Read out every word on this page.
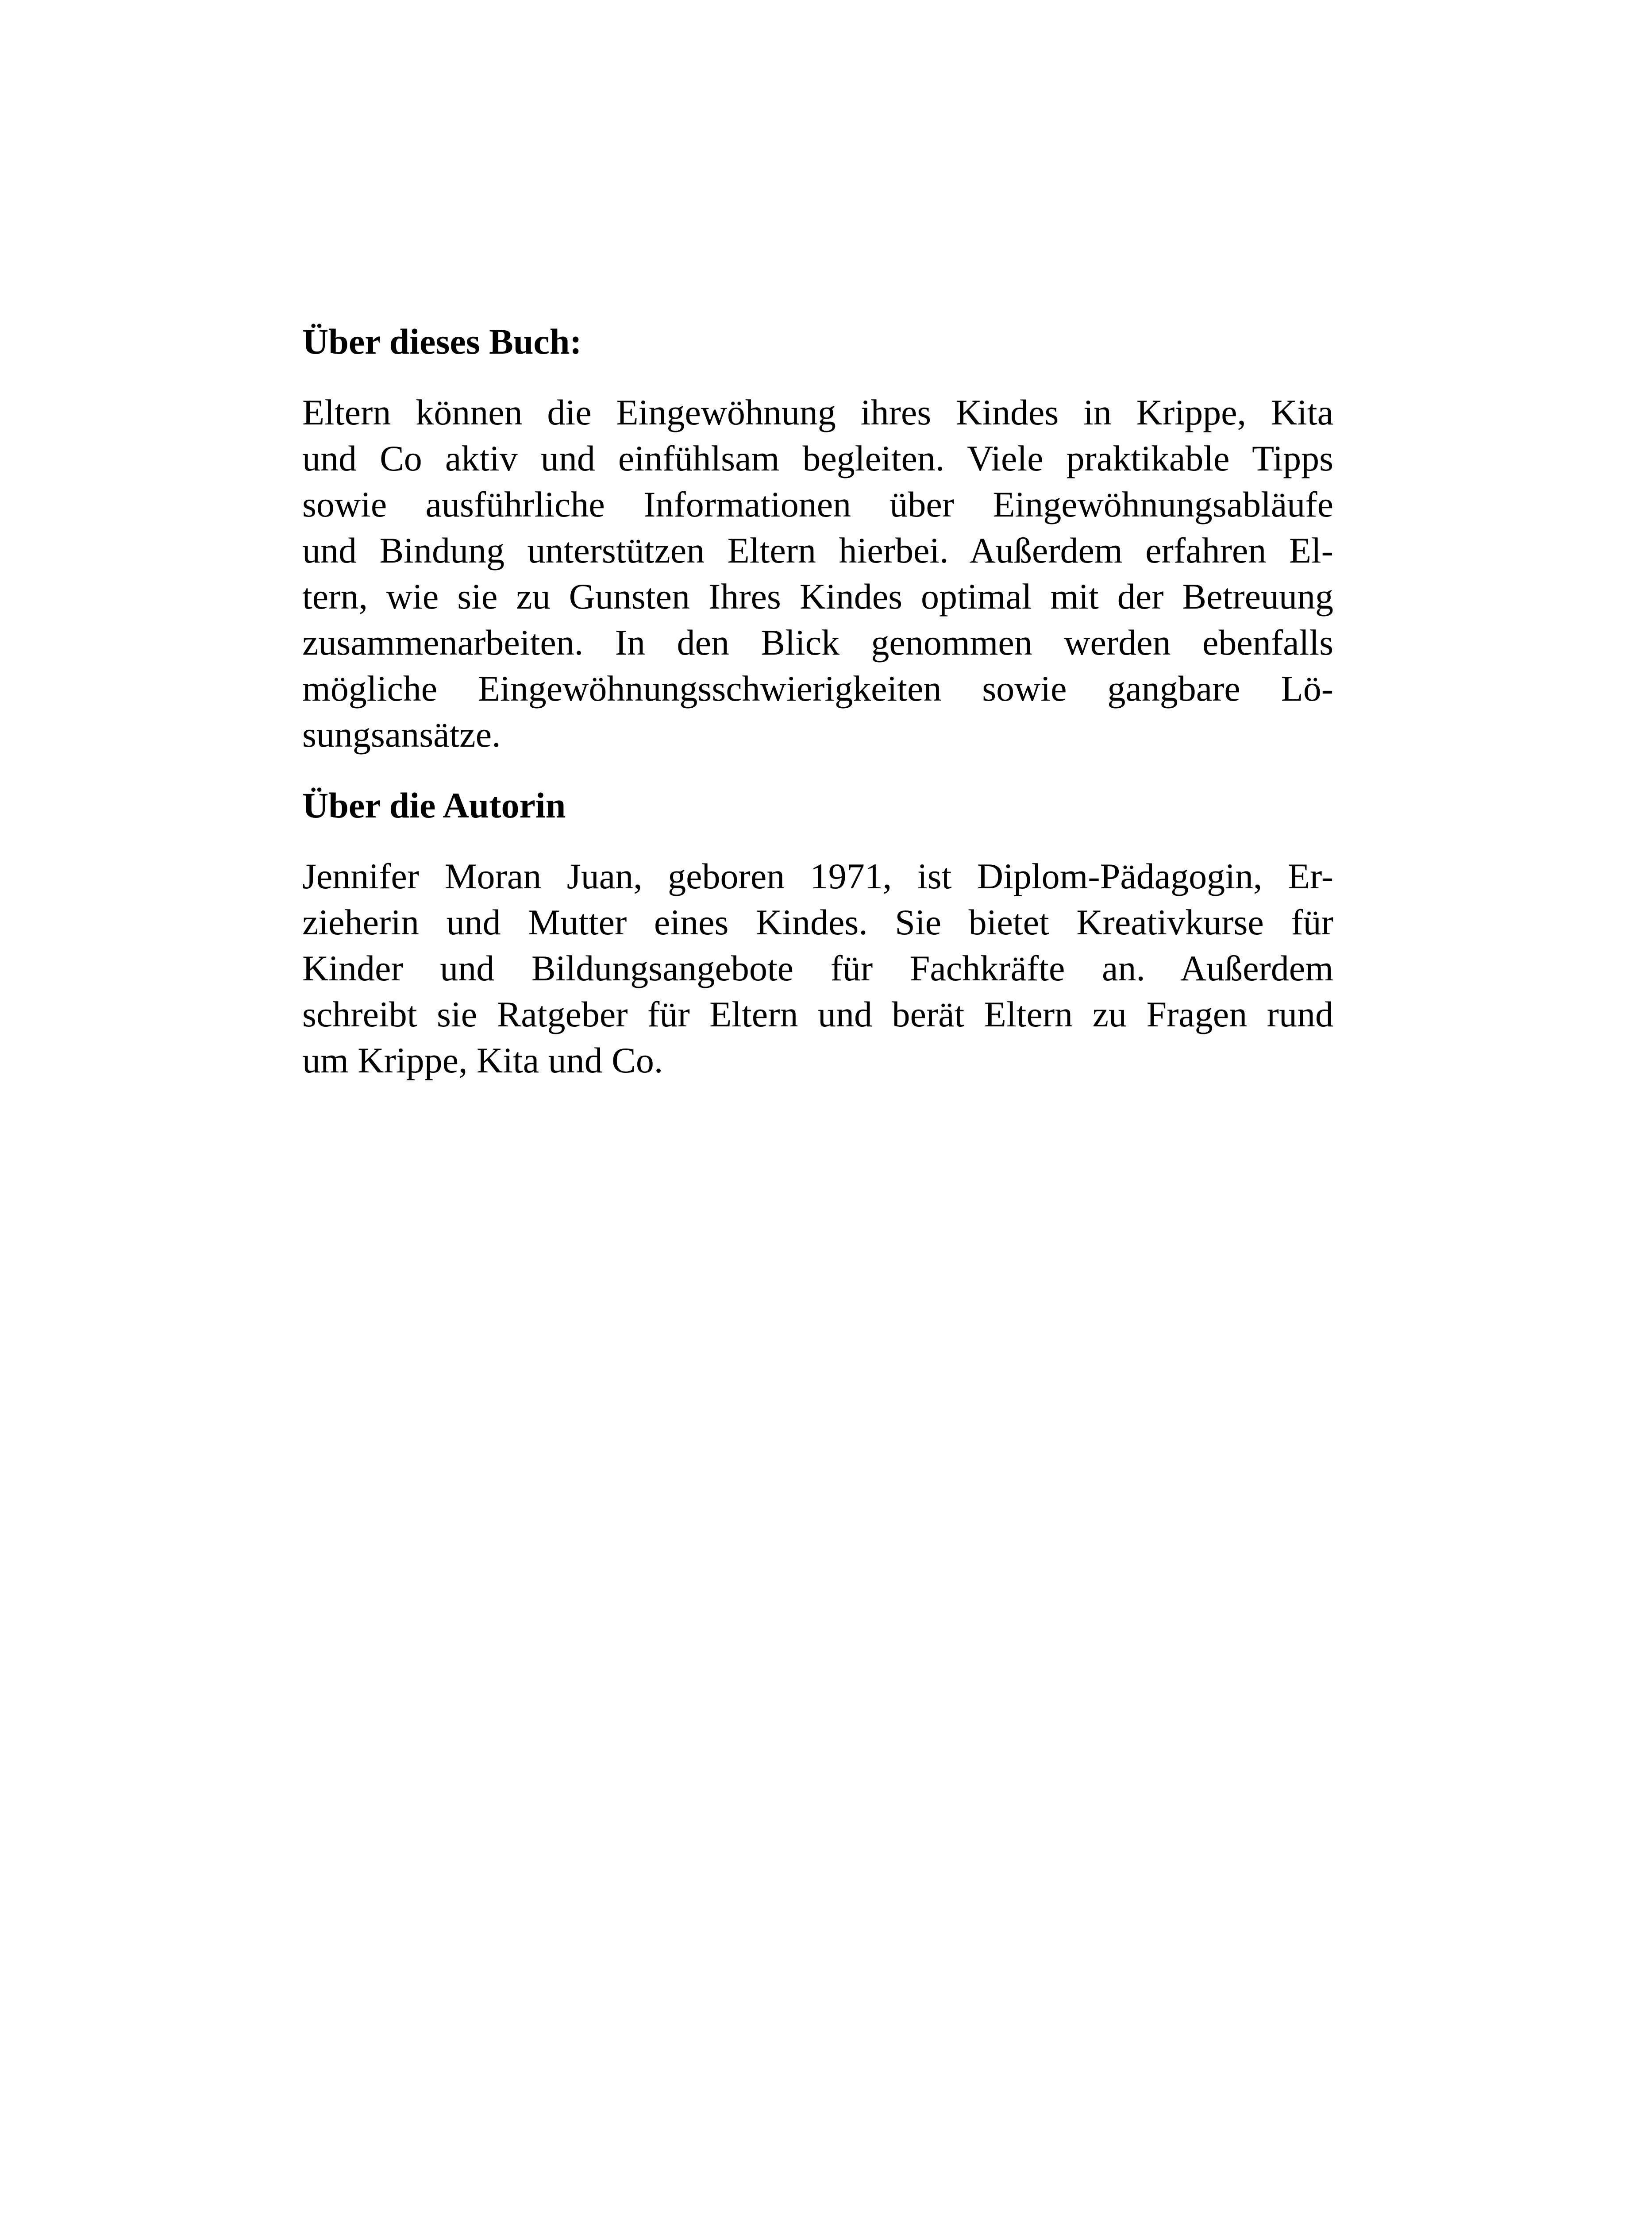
Über dieses Buch:
Eltern können die Eingewöhnung ihres Kindes in Krippe, Kita
und Co aktiv und einfühlsam begleiten. Viele praktikable Tipps
sowie ausführliche Informationen über Eingewöhnungsabläufe
und Bindung unterstützen Eltern hierbei. Außerdem erfahren El-
tern, wie sie zu Gunsten Ihres Kindes optimal mit der Betreuung
zusammenarbeiten. In den Blick genommen werden ebenfalls
mögliche Eingewöhnungsschwierigkeiten sowie gangbare Lö-
sungsansätze.
Über die Autorin
Jennifer Moran Juan, geboren 1971, ist Diplom-Pädagogin, Er-
zieherin und Mutter eines Kindes. Sie bietet Kreativkurse für
Kinder und Bildungsangebote für Fachkräfte an. Außerdem
schreibt sie Ratgeber für Eltern und berät Eltern zu Fragen rund
um Krippe, Kita und Co.
